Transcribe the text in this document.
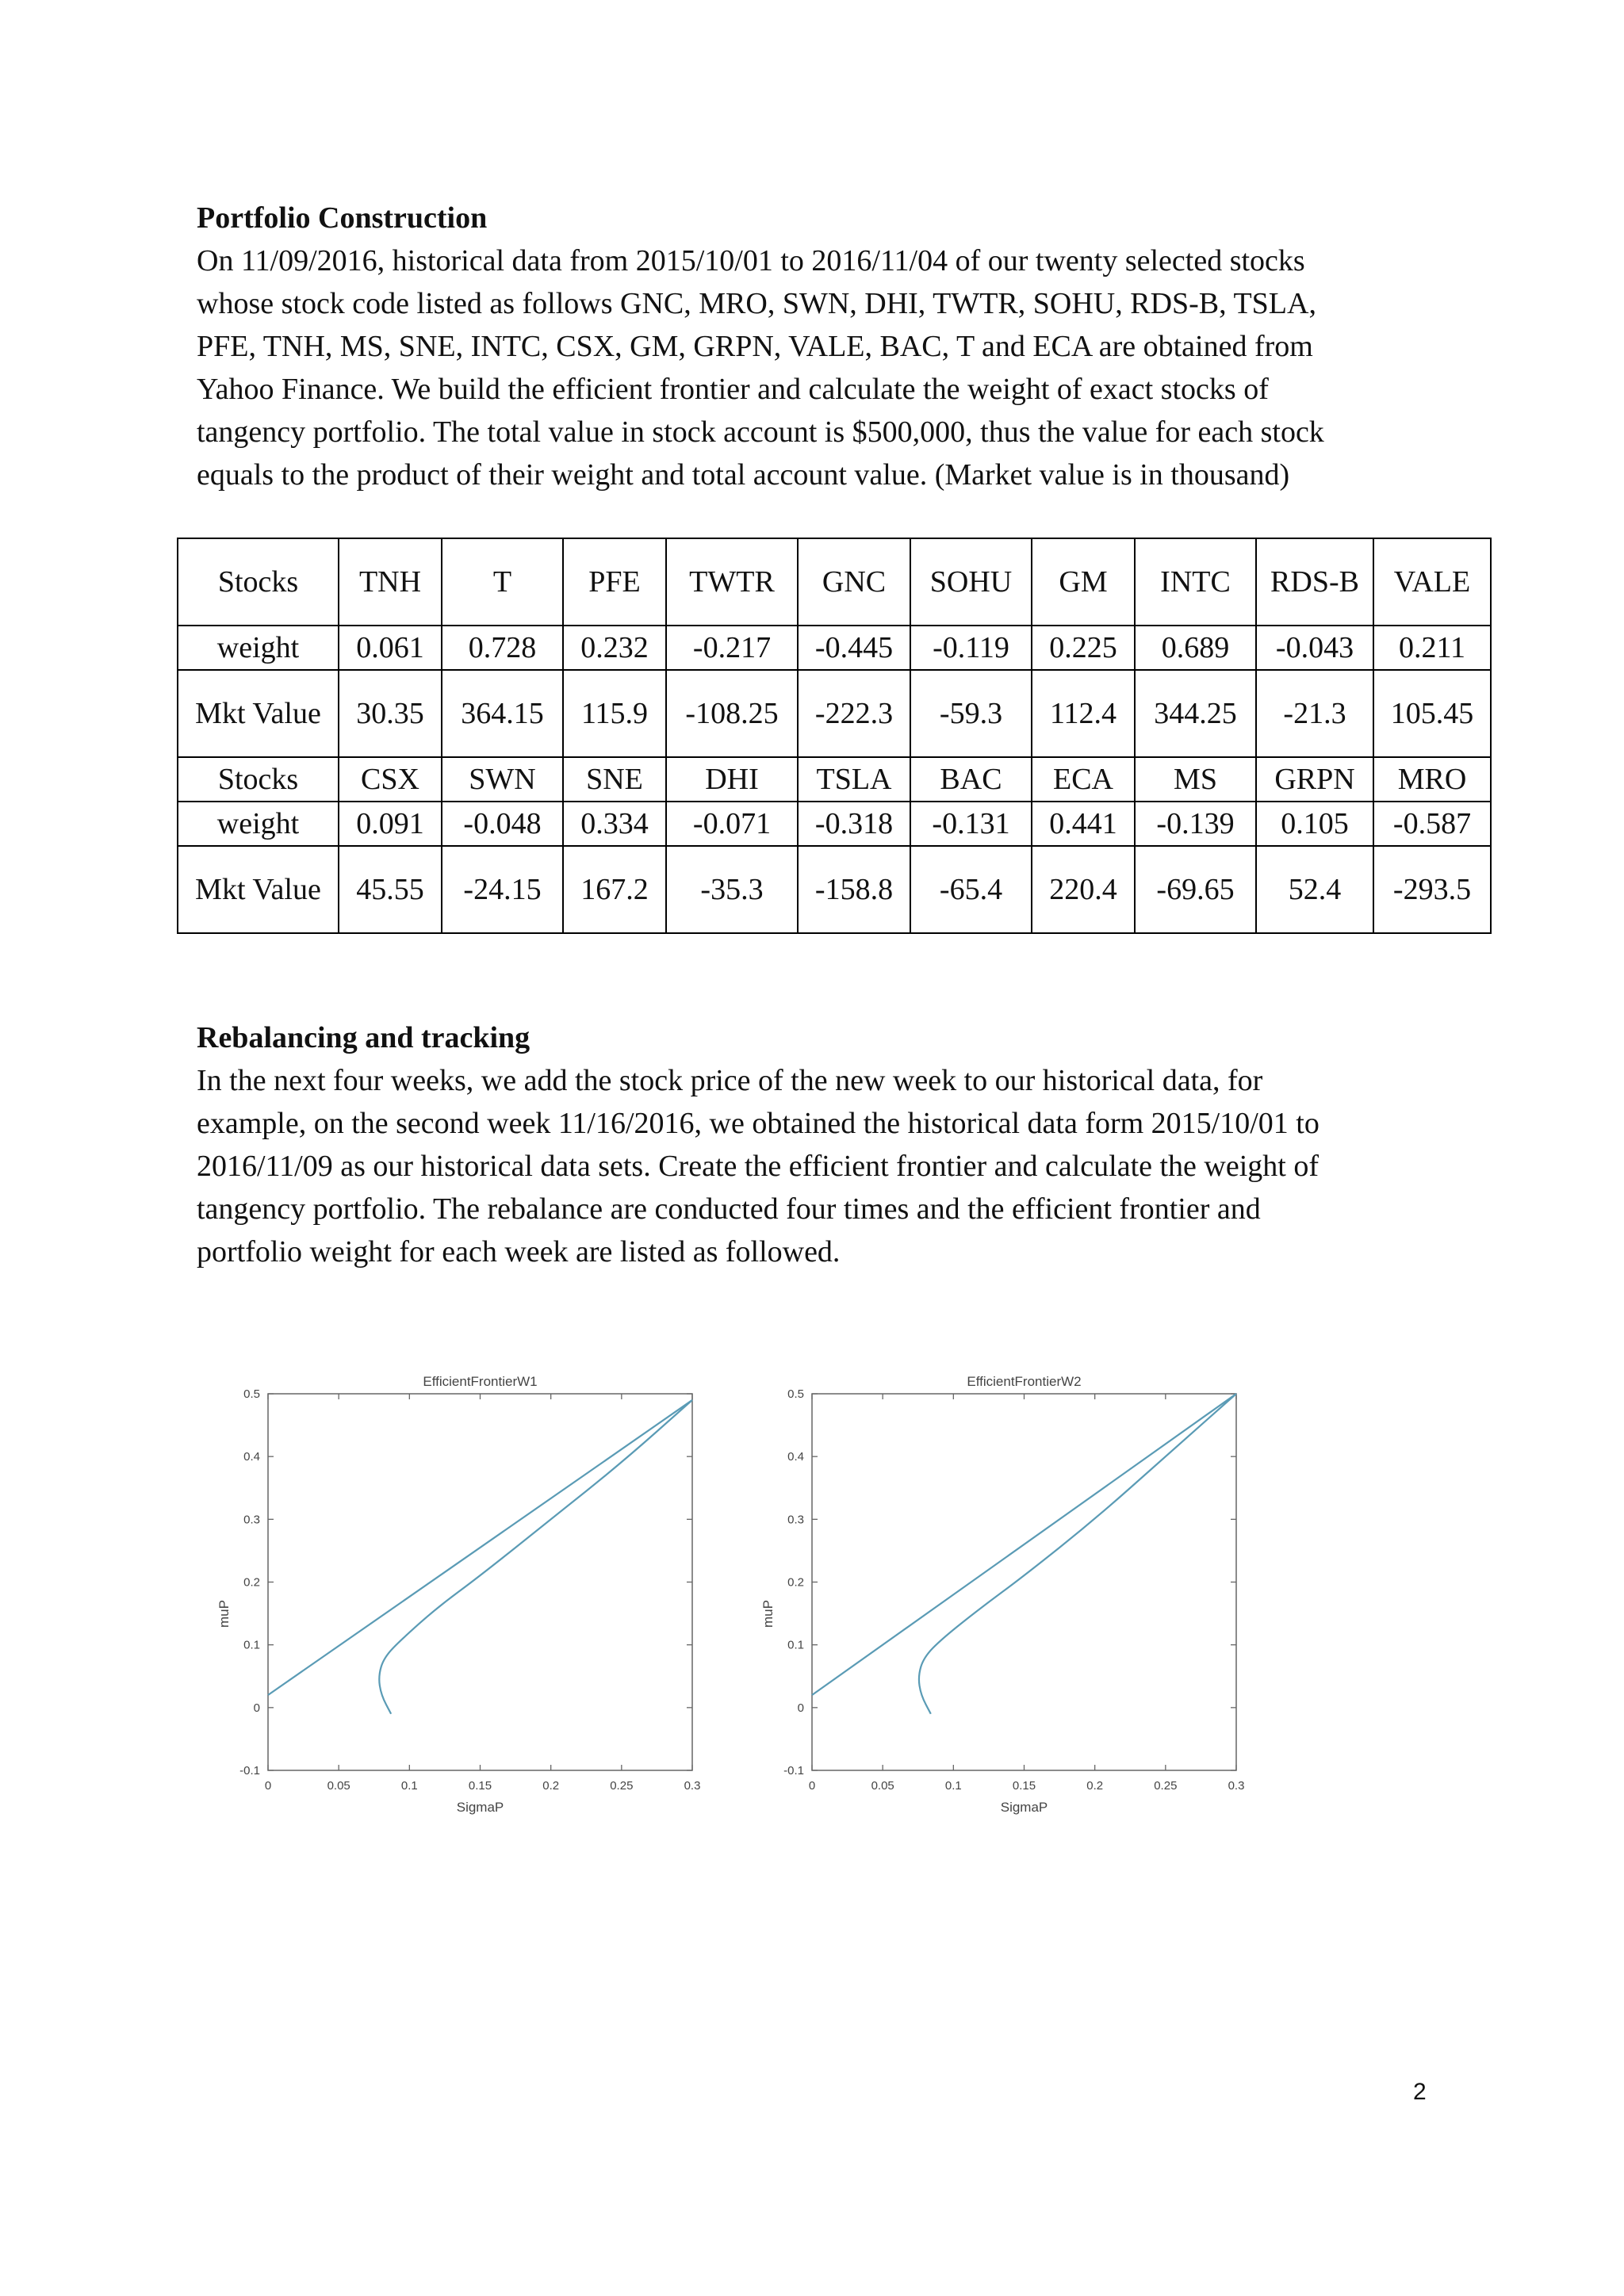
Portfolio Construction

On 11/09/2016, historical data from 2015/10/01 to 2016/11/04 of our twenty selected stocks

whose stock code listed as follows GNC, MRO, SWN, DHI, TWTR, SOHU, RDS-B, TSLA,

PFE, TNH, MS, SNE, INTC, CSX, GM, GRPN, VALE, BAC, T and ECA are obtained from

Yahoo Finance. We build the efficient frontier and calculate the weight of exact stocks of

tangency portfolio. The total value in stock account is $500,000, thus the value for each stock

equals to the product of their weight and total account value. (Market value is in thousand)

Stocks	TNH	T	PFE	TWTR	GNC	SOHU	GM	INTC	RDS-B	VALE
weight	0.061	0.728	0.232	-0.217	-0.445	-0.119	0.225	0.689	-0.043	0.211
Mkt Value	30.35	364.15	115.9	-108.25	-222.3	-59.3	112.4	344.25	-21.3	105.45
Stocks	CSX	SWN	SNE	DHI	TSLA	BAC	ECA	MS	GRPN	MRO
weight	0.091	-0.048	0.334	-0.071	-0.318	-0.131	0.441	-0.139	0.105	-0.587
Mkt Value	45.55	-24.15	167.2	-35.3	-158.8	-65.4	220.4	-69.65	52.4	-293.5

Rebalancing and tracking

In the next four weeks, we add the stock price of the new week to our historical data, for

example, on the second week 11/16/2016, we obtained the historical data form 2015/10/01 to

2016/11/09 as our historical data sets. Create the efficient frontier and calculate the weight of

tangency portfolio. The rebalance are conducted four times and the efficient frontier and

portfolio weight for each week are listed as followed.

EfficientFrontierW1
0	0.05	0.1	0.15	0.2	0.25	0.3
-0.1
0
0.1
0.2
0.3
0.4
0.5
SigmaP
muP
EfficientFrontierW2
0	0.05	0.1	0.15	0.2	0.25	0.3
-0.1
0
0.1
0.2
0.3
0.4
0.5
SigmaP
muP
2
